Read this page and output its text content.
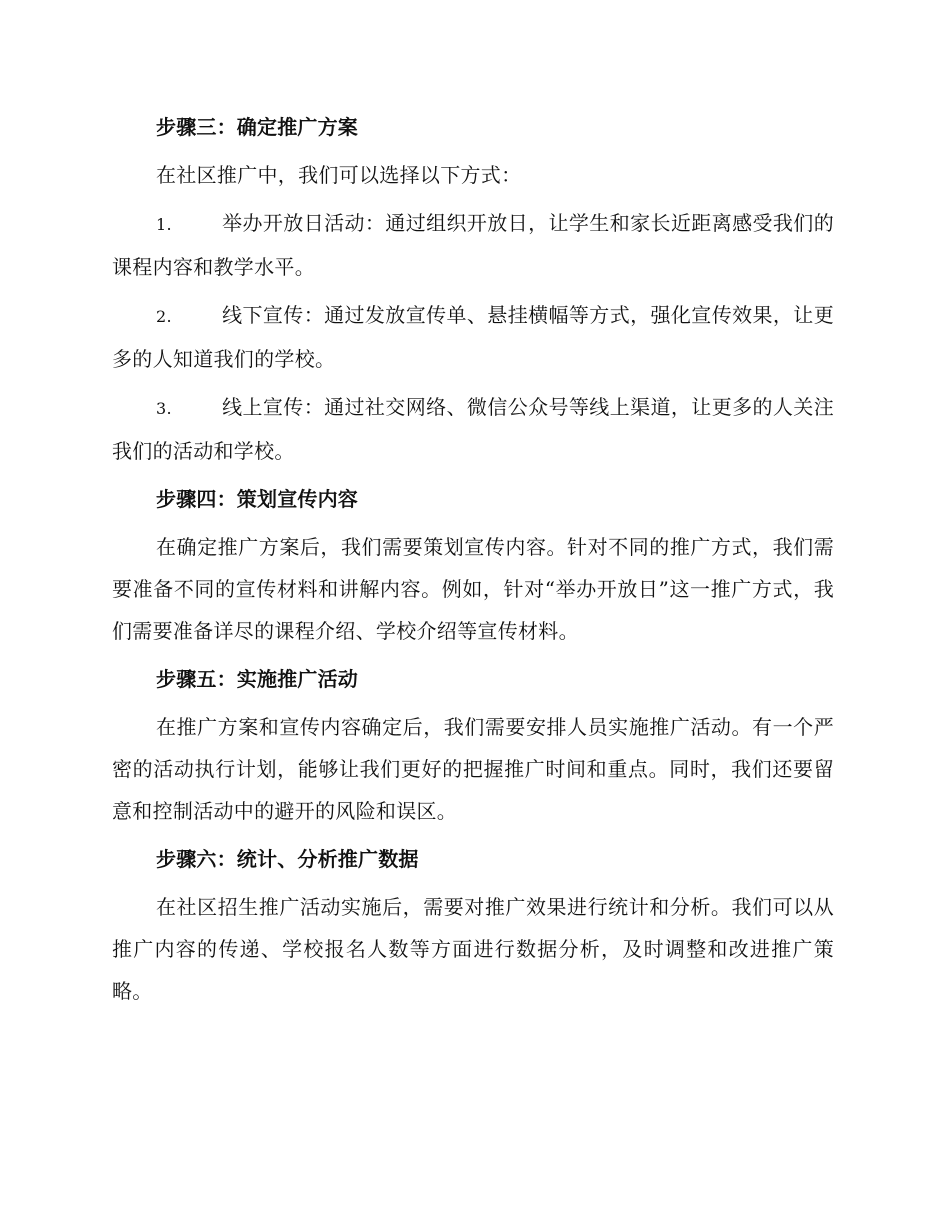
步骤三：确定推广方案
在社区推广中，我们可以选择以下方式：
1.	举办开放日活动：通过组织开放日，让学生和家长近距离感受我们的课程内容和教学水平。
2.	线下宣传：通过发放宣传单、悬挂横幅等方式，强化宣传效果，让更多的人知道我们的学校。
3.	线上宣传：通过社交网络、微信公众号等线上渠道，让更多的人关注我们的活动和学校。
步骤四：策划宣传内容
在确定推广方案后，我们需要策划宣传内容。针对不同的推广方式，我们需要准备不同的宣传材料和讲解内容。例如，针对“举办开放日”这一推广方式，我们需要准备详尽的课程介绍、学校介绍等宣传材料。
步骤五：实施推广活动
在推广方案和宣传内容确定后，我们需要安排人员实施推广活动。有一个严密的活动执行计划，能够让我们更好的把握推广时间和重点。同时，我们还要留意和控制活动中的避开的风险和误区。
步骤六：统计、分析推广数据
在社区招生推广活动实施后，需要对推广效果进行统计和分析。我们可以从推广内容的传递、学校报名人数等方面进行数据分析，及时调整和改进推广策略。
